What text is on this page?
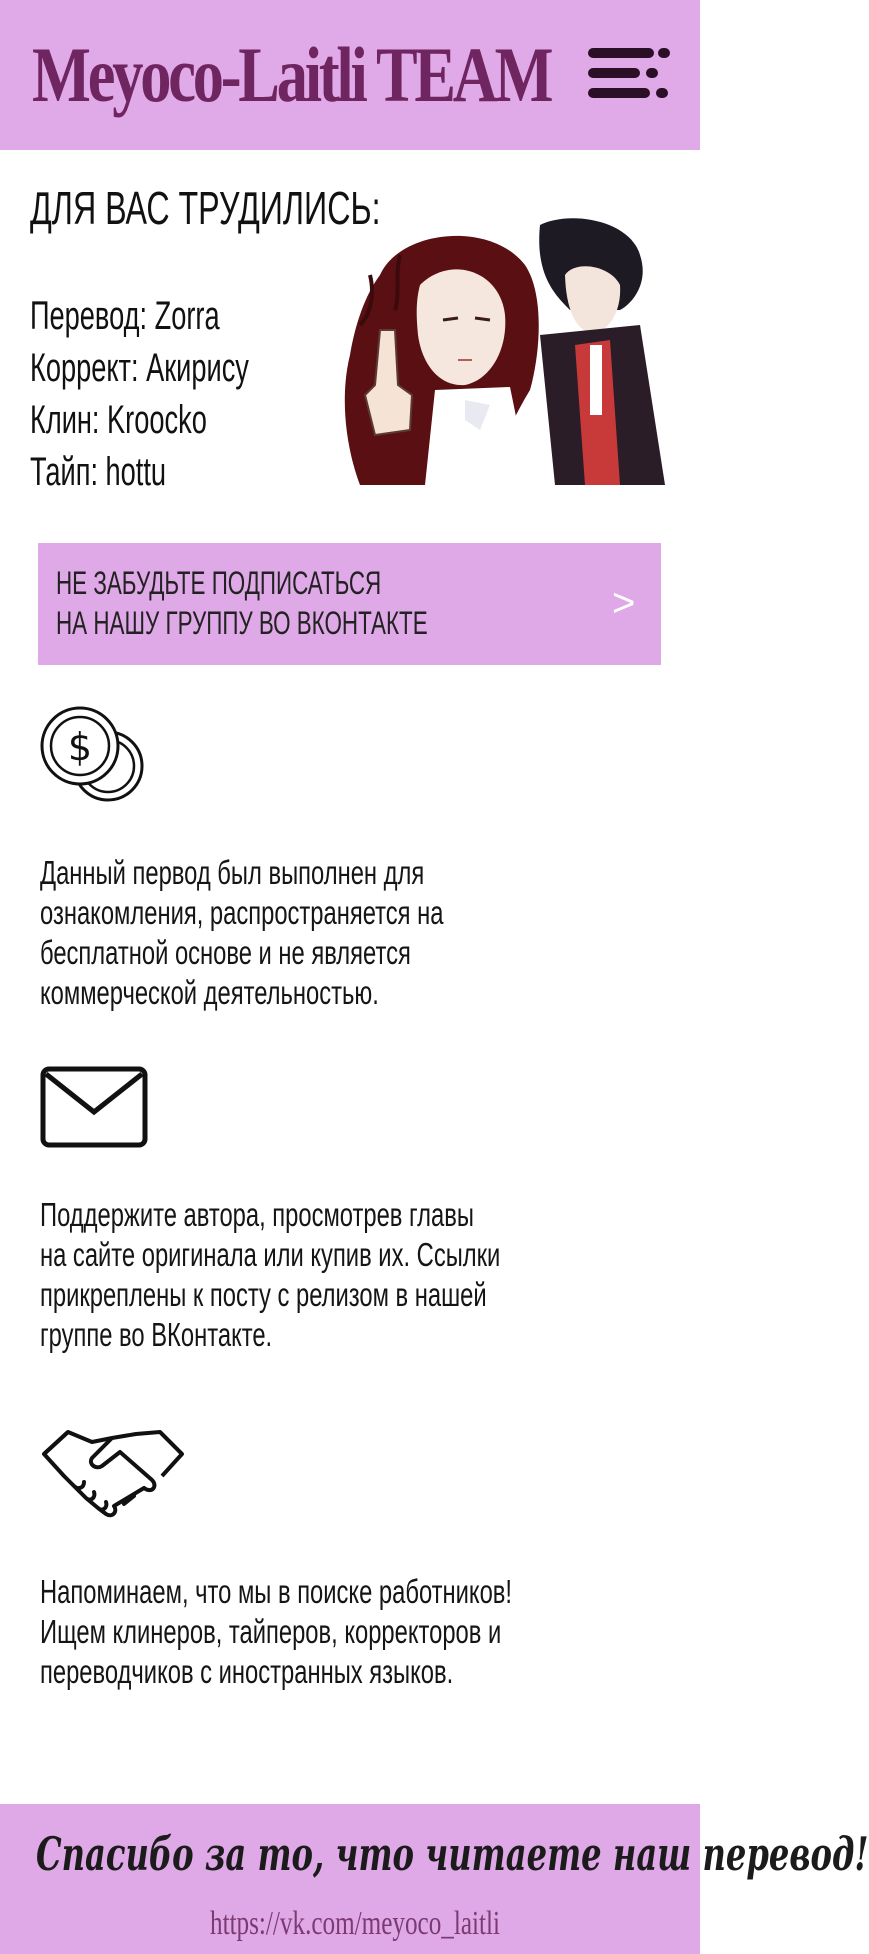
Meyoco-Laitli TEAM
ДЛЯ ВАС ТРУДИЛИСЬ:
Перевод: Zorra
Коррект: Акирису
Клин: Kroocko
Тайп: hottu
НЕ ЗАБУДЬТЕ ПОДПИСАТЬСЯ
НА НАШУ ГРУППУ ВО ВКОНТАКТЕ	>
$
Данный первод был выполнен для
ознакомления, распространяется на
бесплатной основе и не является
коммерческой деятельностью.
Поддержите автора, просмотрев главы
на сайте оригинала или купив их. Ссылки
прикреплены к посту с релизом в нашей
группе во ВКонтакте.
Напоминаем, что мы в поиске работников!
Ищем клинеров, тайперов, корректоров и
переводчиков с иностранных языков.
Спасибо за то, что читаете наш перевод!
https://vk.com/meyoco_laitli
